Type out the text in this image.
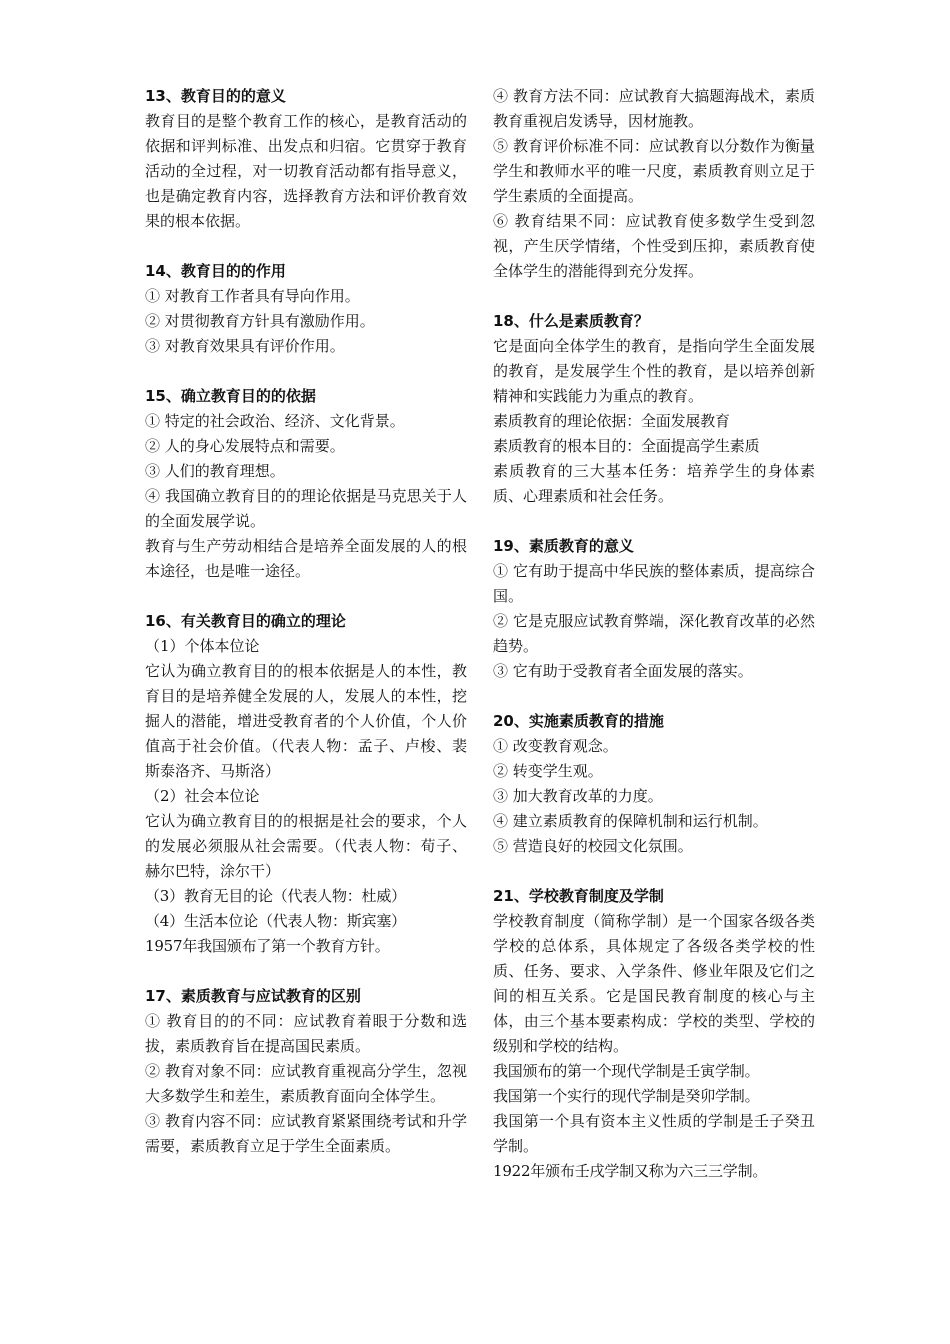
13、教育目的的意义

教育目的是整个教育工作的核心，是教育活动的依据和评判标准、出发点和归宿。它贯穿于教育活动的全过程，对一切教育活动都有指导意义，也是确定教育内容，选择教育方法和评价教育效果的根本依据。

14、教育目的的作用

① 对教育工作者具有导向作用。

② 对贯彻教育方针具有激励作用。

③ 对教育效果具有评价作用。

15、确立教育目的的依据

① 特定的社会政治、经济、文化背景。

② 人的身心发展特点和需要。

③ 人们的教育理想。

④ 我国确立教育目的的理论依据是马克思关于人的全面发展学说。

教育与生产劳动相结合是培养全面发展的人的根本途径，也是唯一途径。

16、有关教育目的确立的理论

（1）个体本位论

它认为确立教育目的的根本依据是人的本性，教育目的是培养健全发展的人，发展人的本性，挖掘人的潜能，增进受教育者的个人价值，个人价值高于社会价值。（代表人物：孟子、卢梭、裴斯泰洛齐、马斯洛）

（2）社会本位论

它认为确立教育目的的根据是社会的要求，个人的发展必须服从社会需要。（代表人物：荀子、赫尔巴特，涂尔干）

（3）教育无目的论（代表人物：杜威）

（4）生活本位论（代表人物：斯宾塞）

1957年我国颁布了第一个教育方针。

17、素质教育与应试教育的区别

① 教育目的的不同：应试教育着眼于分数和选拔，素质教育旨在提高国民素质。

② 教育对象不同：应试教育重视高分学生，忽视大多数学生和差生，素质教育面向全体学生。

③ 教育内容不同：应试教育紧紧围绕考试和升学需要，素质教育立足于学生全面素质。

④ 教育方法不同：应试教育大搞题海战术，素质教育重视启发诱导，因材施教。

⑤ 教育评价标准不同：应试教育以分数作为衡量学生和教师水平的唯一尺度，素质教育则立足于学生素质的全面提高。

⑥ 教育结果不同：应试教育使多数学生受到忽视，产生厌学情绪，个性受到压抑，素质教育使全体学生的潜能得到充分发挥。

18、什么是素质教育？

它是面向全体学生的教育，是指向学生全面发展的教育，是发展学生个性的教育，是以培养创新精神和实践能力为重点的教育。

素质教育的理论依据：全面发展教育

素质教育的根本目的：全面提高学生素质

素质教育的三大基本任务：培养学生的身体素质、心理素质和社会任务。

19、素质教育的意义

① 它有助于提高中华民族的整体素质，提高综合国。

② 它是克服应试教育弊端，深化教育改革的必然趋势。

③ 它有助于受教育者全面发展的落实。

20、实施素质教育的措施

① 改变教育观念。

② 转变学生观。

③ 加大教育改革的力度。

④ 建立素质教育的保障机制和运行机制。

⑤ 营造良好的校园文化氛围。

21、学校教育制度及学制

学校教育制度（简称学制）是一个国家各级各类学校的总体系，具体规定了各级各类学校的性质、任务、要求、入学条件、修业年限及它们之间的相互关系。它是国民教育制度的核心与主体，由三个基本要素构成：学校的类型、学校的级别和学校的结构。

我国颁布的第一个现代学制是壬寅学制。

我国第一个实行的现代学制是癸卯学制。

我国第一个具有资本主义性质的学制是壬子癸丑学制。

1922年颁布壬戌学制又称为六三三学制。
